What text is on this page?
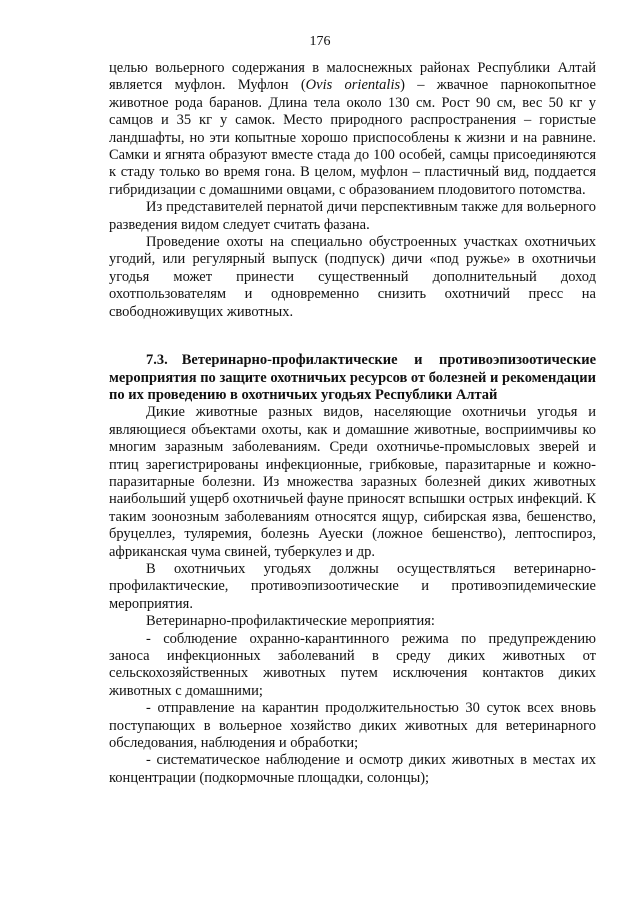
176

целью вольерного содержания в малоснежных районах Республики Алтай является муфлон. Муфлон (Ovis orientalis) – жвачное парнокопытное животное рода баранов. Длина тела около 130 см. Рост 90 см, вес 50 кг у самцов и 35 кг у самок. Место природного распространения – гористые ландшафты, но эти копытные хорошо приспособлены к жизни и на равнине. Самки и ягнята образуют вместе стада до 100 особей, самцы присоединяются к стаду только во время гона. В целом, муфлон – пластичный вид, поддается гибридизации с домашними овцами, с образованием плодовитого потомства.

Из представителей пернатой дичи перспективным также для вольерного разведения видом следует считать фазана.

Проведение охоты на специально обустроенных участках охотничьих угодий, или регулярный выпуск (подпуск) дичи «под ружье» в охотничьи угодья может принести существенный дополнительный доход охотпользователям и одновременно снизить охотничий пресс на свободноживущих животных.

7.3. Ветеринарно-профилактические и противоэпизоотические мероприятия по защите охотничьих ресурсов от болезней и рекомендации по их проведению в охотничьих угодьях Республики Алтай

Дикие животные разных видов, населяющие охотничьи угодья и являющиеся объектами охоты, как и домашние животные, восприимчивы ко многим заразным заболеваниям. Среди охотничье-промысловых зверей и птиц зарегистрированы инфекционные, грибковые, паразитарные и кожно-паразитарные болезни. Из множества заразных болезней диких животных наибольший ущерб охотничьей фауне приносят вспышки острых инфекций. К таким зоонозным заболеваниям относятся ящур, сибирская язва, бешенство, бруцеллез, туляремия, болезнь Ауески (ложное бешенство), лептоспироз, африканская чума свиней, туберкулез и др.

В охотничьих угодьях должны осуществляться ветеринарно-профилактические, противоэпизоотические и противоэпидемические мероприятия.

Ветеринарно-профилактические мероприятия:

- соблюдение охранно-карантинного режима по предупреждению заноса инфекционных заболеваний в среду диких животных от сельскохозяйственных животных путем исключения контактов диких животных с домашними;

- отправление на карантин продолжительностью 30 суток всех вновь поступающих в вольерное хозяйство диких животных для ветеринарного обследования, наблюдения и обработки;

- систематическое наблюдение и осмотр диких животных в местах их концентрации (подкормочные площадки, солонцы);
